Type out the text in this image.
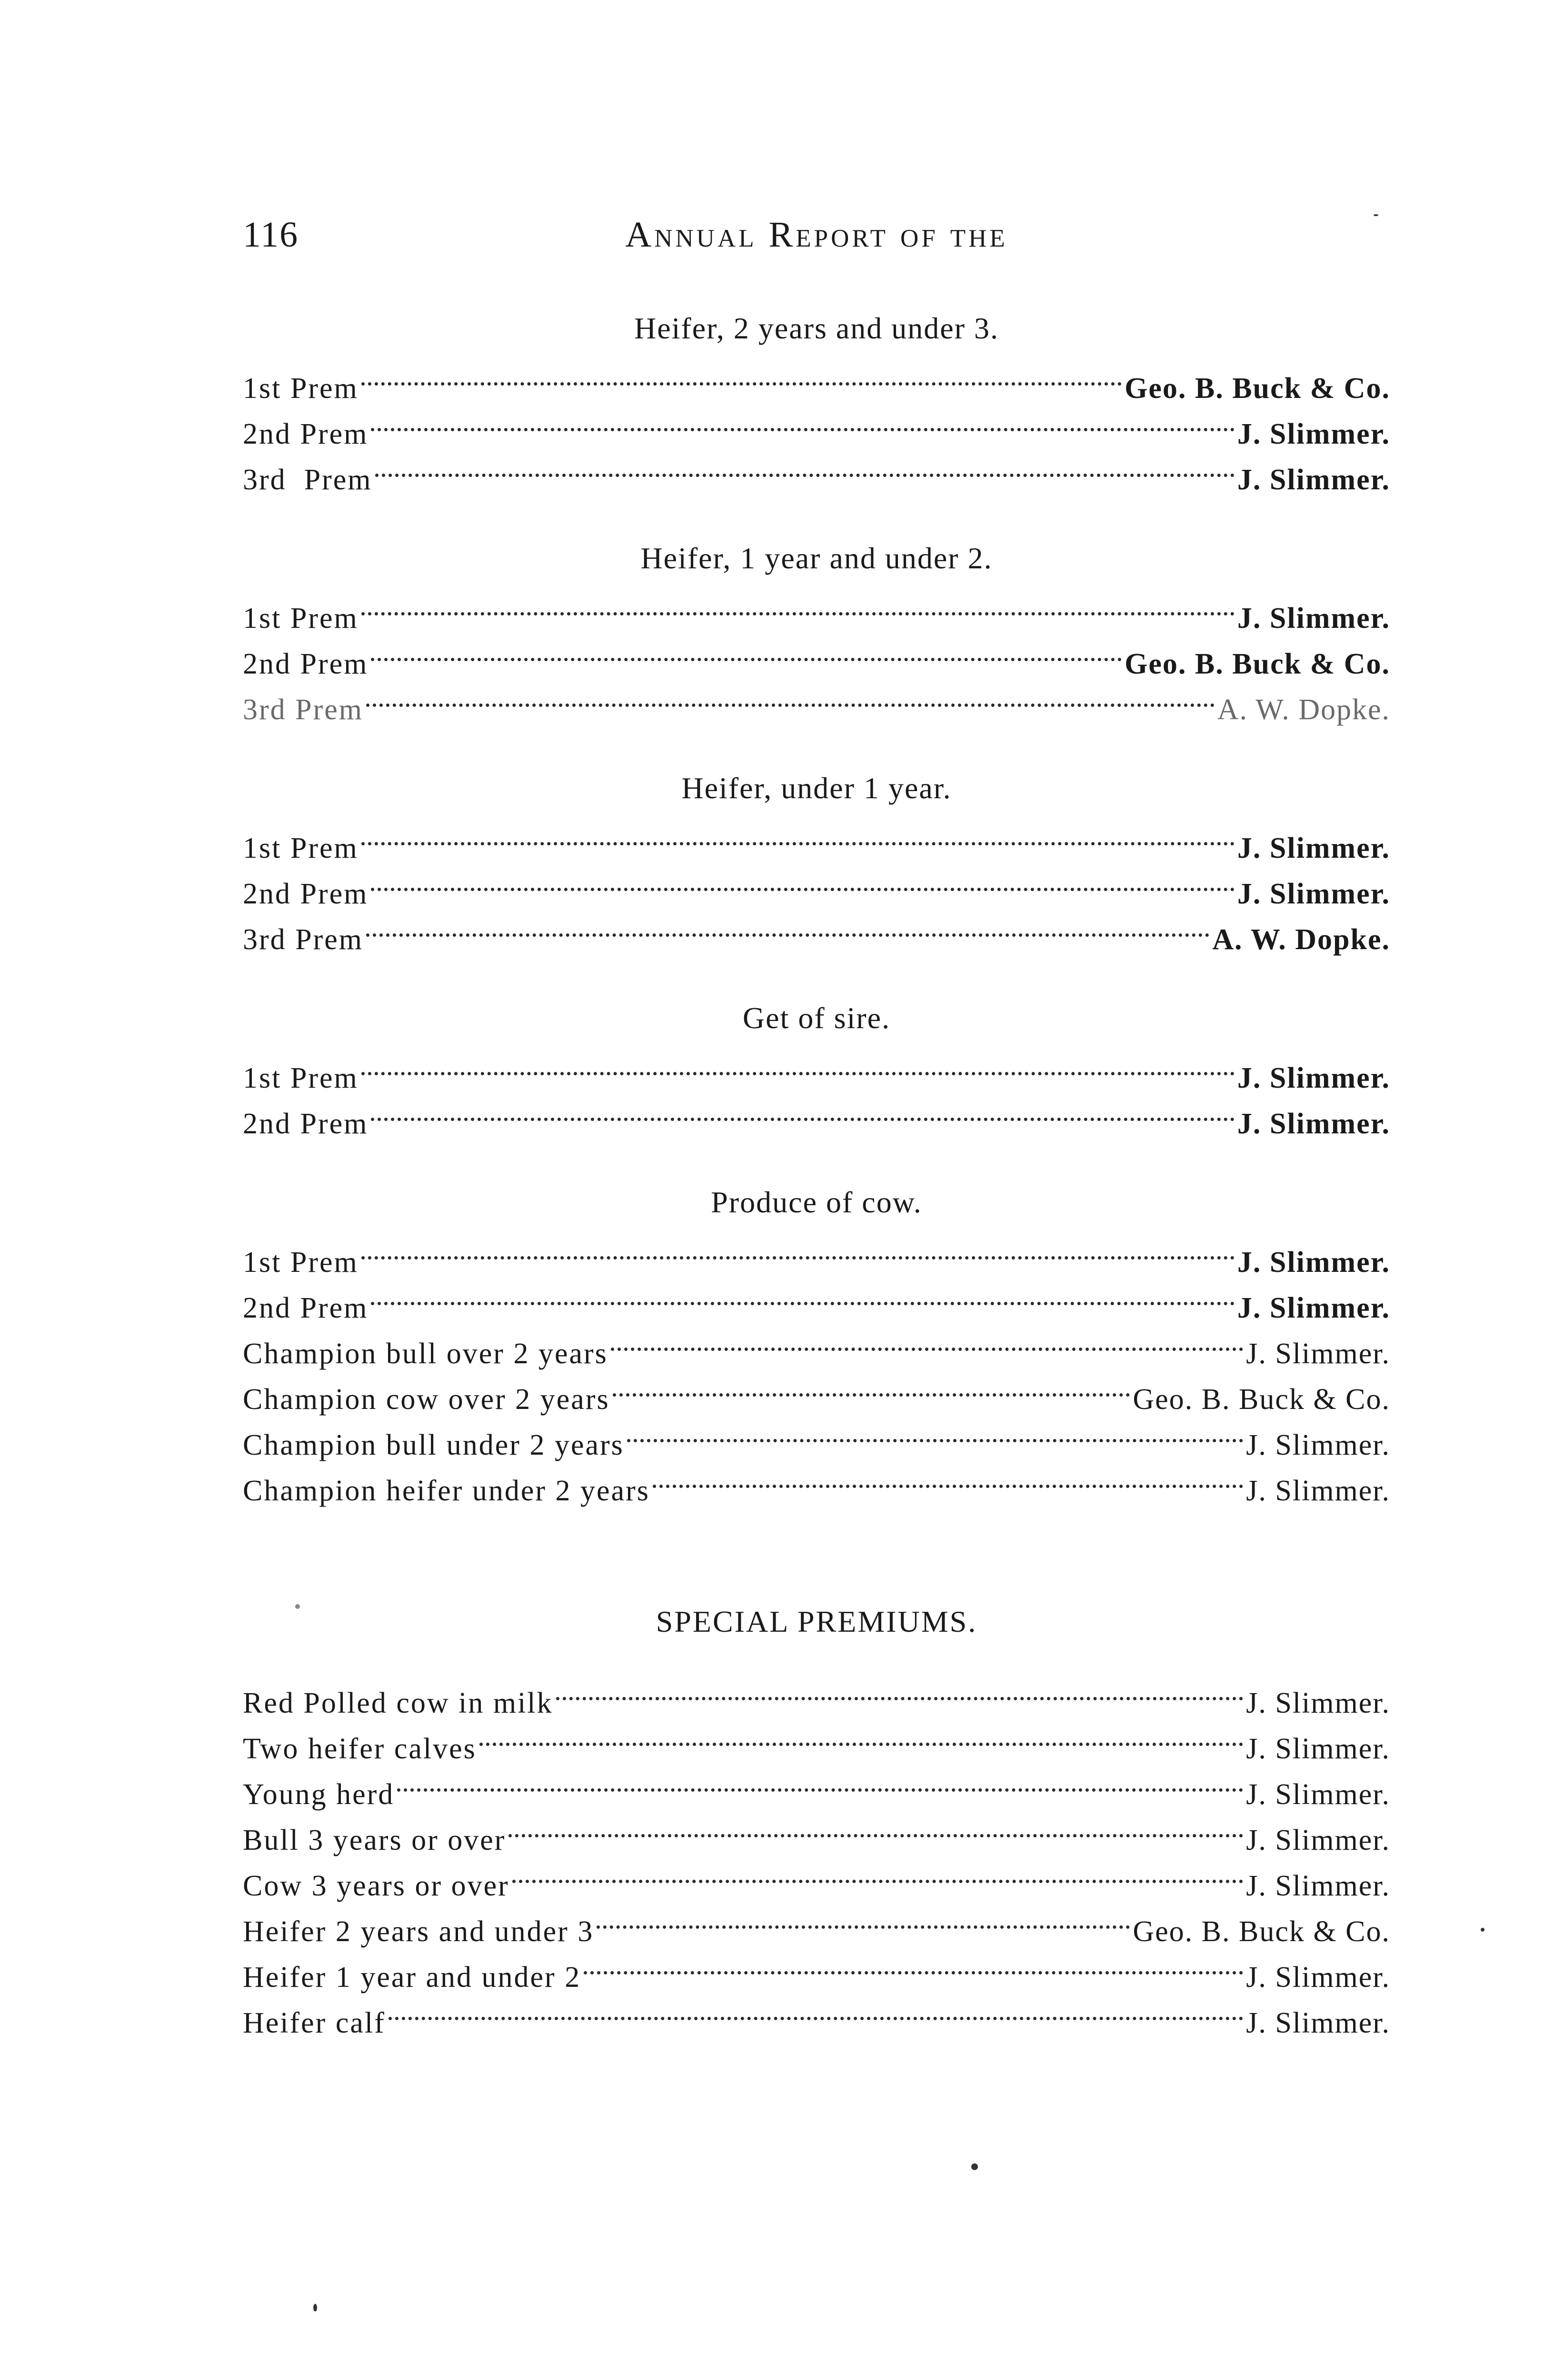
116	Annual Report of the
Heifer, 2 years and under 3.
1st Prem	Geo. B. Buck & Co.
2nd Prem	J. Slimmer.
3rd  Prem	J. Slimmer.
Heifer, 1 year and under 2.
1st Prem	J. Slimmer.
2nd Prem	Geo. B. Buck & Co.
3rd Prem	A. W. Dopke.
Heifer, under 1 year.
1st Prem	J. Slimmer.
2nd Prem	J. Slimmer.
3rd Prem	A. W. Dopke.
Get of sire.
1st Prem	J. Slimmer.
2nd Prem	J. Slimmer.
Produce of cow.
1st Prem	J. Slimmer.
2nd Prem	J. Slimmer.
Champion bull over 2 years	J. Slimmer.
Champion cow over 2 years	Geo. B. Buck & Co.
Champion bull under 2 years	J. Slimmer.
Champion heifer under 2 years	J. Slimmer.
SPECIAL PREMIUMS.
Red Polled cow in milk	J. Slimmer.
Two heifer calves	J. Slimmer.
Young herd	J. Slimmer.
Bull 3 years or over	J. Slimmer.
Cow 3 years or over	J. Slimmer.
Heifer 2 years and under 3	Geo. B. Buck & Co.
Heifer 1 year and under 2	J. Slimmer.
Heifer calf	J. Slimmer.
